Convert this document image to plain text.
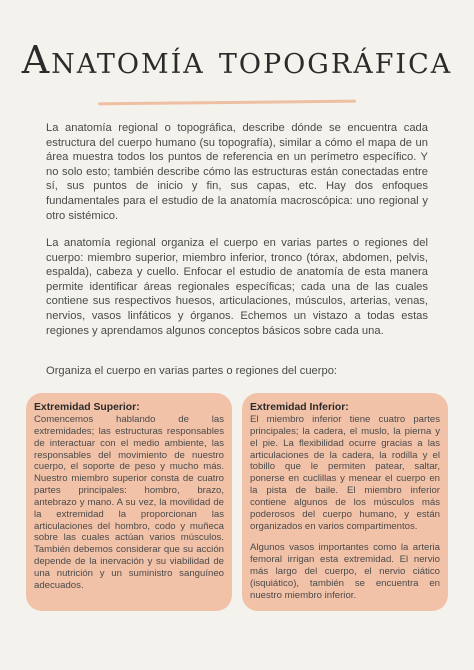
Anatomía topográfica

La anatomía regional o topográfica, describe dónde se encuentra cada estructura del cuerpo humano (su topografía), similar a cómo el mapa de un área muestra todos los puntos de referencia en un perímetro específico. Y no solo esto; también describe cómo las estructuras están conectadas entre sí, sus puntos de inicio y fin, sus capas, etc. Hay dos enfoques fundamentales para el estudio de la anatomía macroscópica: uno regional y otro sistémico.

La anatomía regional organiza el cuerpo en varias partes o regiones del cuerpo: miembro superior, miembro inferior, tronco (tórax, abdomen, pelvis, espalda), cabeza y cuello. Enfocar el estudio de anatomía de esta manera permite identificar áreas regionales específicas; cada una de las cuales contiene sus respectivos huesos, articulaciones, músculos, arterias, venas, nervios, vasos linfáticos y órganos. Echemos un vistazo a todas estas regiones y aprendamos algunos conceptos básicos sobre cada una.

Organiza el cuerpo en varias partes o regiones del cuerpo:

Extremidad Superior:

Comencemos hablando de las extremidades; las estructuras responsables de interactuar con el medio ambiente, las responsables del movimiento de nuestro cuerpo, el soporte de peso y mucho más. Nuestro miembro superior consta de cuatro partes principales: hombro, brazo, antebrazo y mano. A su vez, la movilidad de la extremidad la proporcionan las articulaciones del hombro, codo y muñeca sobre las cuales actúan varios músculos. También debemos considerar que su acción depende de la inervación y su viabilidad de una nutrición y un suministro sanguíneo adecuados.

Extremidad Inferior:

El miembro inferior tiene cuatro partes principales; la cadera, el muslo, la pierna y el pie. La flexibilidad ocurre gracias a las articulaciones de la cadera, la rodilla y el tobillo que le permiten patear, saltar, ponerse en cuclillas y menear el cuerpo en la pista de baile. El miembro inferior contiene algunos de los músculos más poderosos del cuerpo humano, y están organizados en varios compartimentos.

Algunos vasos importantes como la arteria femoral irrigan esta extremidad. El nervio más largo del cuerpo, el nervio ciático (isquiático), también se encuentra en nuestro miembro inferior.
